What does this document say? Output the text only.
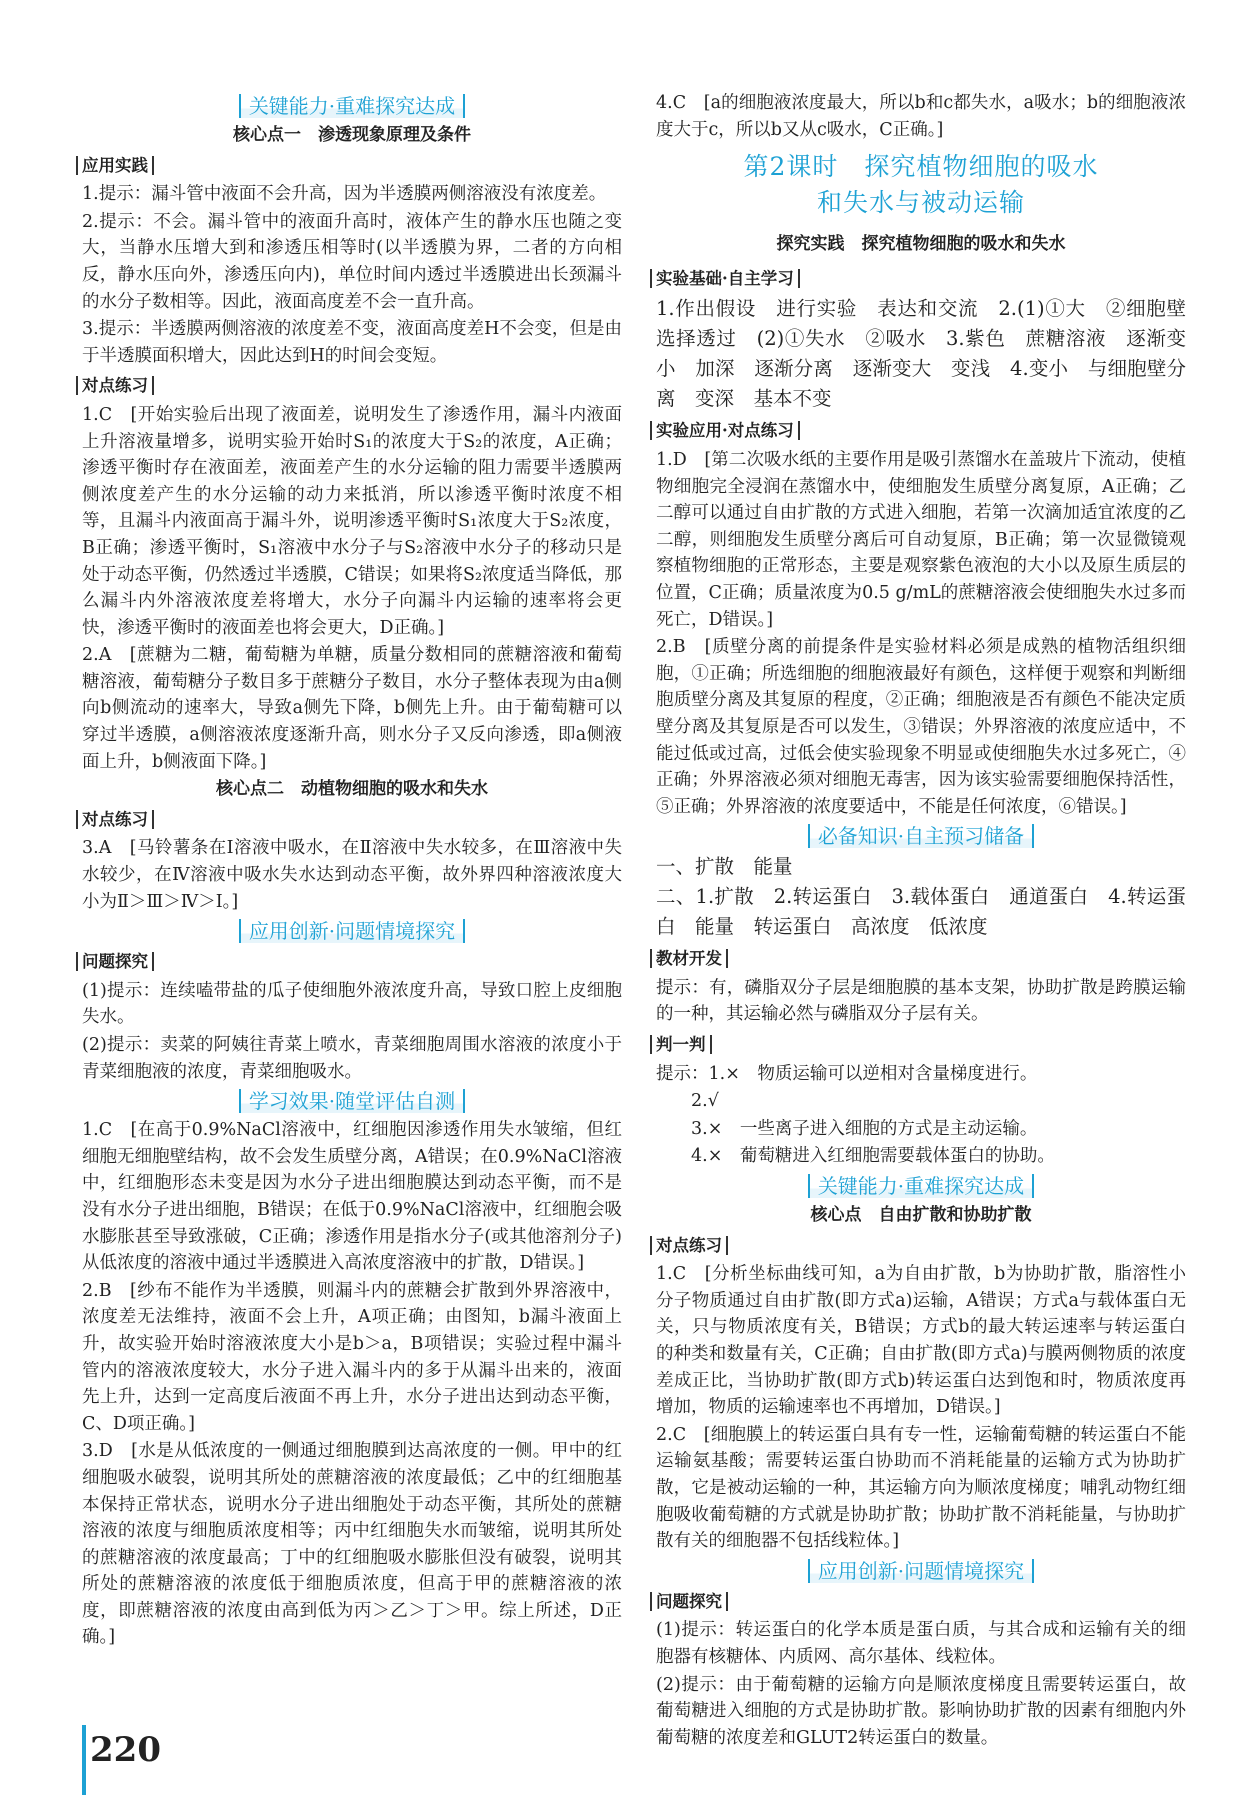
关键能力·重难探究达成
核心点一　渗透现象原理及条件
应用实践

1.提示：漏斗管中液面不会升高，因为半透膜两侧溶液没有浓度差。

2.提示：不会。漏斗管中的液面升高时，液体产生的静水压也随之变大，当静水压增大到和渗透压相等时(以半透膜为界，二者的方向相反，静水压向外，渗透压向内)，单位时间内透过半透膜进出长颈漏斗的水分子数相等。因此，液面高度差不会一直升高。

3.提示：半透膜两侧溶液的浓度差不变，液面高度差H不会变，但是由于半透膜面积增大，因此达到H的时间会变短。

对点练习

1.C　[开始实验后出现了液面差，说明发生了渗透作用，漏斗内液面上升溶液量增多，说明实验开始时S₁的浓度大于S₂的浓度，A正确；渗透平衡时存在液面差，液面差产生的水分运输的阻力需要半透膜两侧浓度差产生的水分运输的动力来抵消，所以渗透平衡时浓度不相等，且漏斗内液面高于漏斗外，说明渗透平衡时S₁浓度大于S₂浓度，B正确；渗透平衡时，S₁溶液中水分子与S₂溶液中水分子的移动只是处于动态平衡，仍然透过半透膜，C错误；如果将S₂浓度适当降低，那么漏斗内外溶液浓度差将增大，水分子向漏斗内运输的速率将会更快，渗透平衡时的液面差也将会更大，D正确。]

2.A　[蔗糖为二糖，葡萄糖为单糖，质量分数相同的蔗糖溶液和葡萄糖溶液，葡萄糖分子数目多于蔗糖分子数目，水分子整体表现为由a侧向b侧流动的速率大，导致a侧先下降，b侧先上升。由于葡萄糖可以穿过半透膜，a侧溶液浓度逐渐升高，则水分子又反向渗透，即a侧液面上升，b侧液面下降。]

核心点二　动植物细胞的吸水和失水
对点练习

3.A　[马铃薯条在Ⅰ溶液中吸水，在Ⅱ溶液中失水较多，在Ⅲ溶液中失水较少，在Ⅳ溶液中吸水失水达到动态平衡，故外界四种溶液浓度大小为Ⅱ＞Ⅲ＞Ⅳ＞Ⅰ。]

应用创新·问题情境探究
问题探究

(1)提示：连续嗑带盐的瓜子使细胞外液浓度升高，导致口腔上皮细胞失水。

(2)提示：卖菜的阿姨往青菜上喷水，青菜细胞周围水溶液的浓度小于青菜细胞液的浓度，青菜细胞吸水。

学习效果·随堂评估自测

1.C　[在高于0.9%NaCl溶液中，红细胞因渗透作用失水皱缩，但红细胞无细胞壁结构，故不会发生质壁分离，A错误；在0.9%NaCl溶液中，红细胞形态未变是因为水分子进出细胞膜达到动态平衡，而不是没有水分子进出细胞，B错误；在低于0.9%NaCl溶液中，红细胞会吸水膨胀甚至导致涨破，C正确；渗透作用是指水分子(或其他溶剂分子)从低浓度的溶液中通过半透膜进入高浓度溶液中的扩散，D错误。]

2.B　[纱布不能作为半透膜，则漏斗内的蔗糖会扩散到外界溶液中，浓度差无法维持，液面不会上升，A项正确；由图知，b漏斗液面上升，故实验开始时溶液浓度大小是b＞a，B项错误；实验过程中漏斗管内的溶液浓度较大，水分子进入漏斗内的多于从漏斗出来的，液面先上升，达到一定高度后液面不再上升，水分子进出达到动态平衡，C、D项正确。]

3.D　[水是从低浓度的一侧通过细胞膜到达高浓度的一侧。甲中的红细胞吸水破裂，说明其所处的蔗糖溶液的浓度最低；乙中的红细胞基本保持正常状态，说明水分子进出细胞处于动态平衡，其所处的蔗糖溶液的浓度与细胞质浓度相等；丙中红细胞失水而皱缩，说明其所处的蔗糖溶液的浓度最高；丁中的红细胞吸水膨胀但没有破裂，说明其所处的蔗糖溶液的浓度低于细胞质浓度，但高于甲的蔗糖溶液的浓度，即蔗糖溶液的浓度由高到低为丙＞乙＞丁＞甲。综上所述，D正确。]

4.C　[a的细胞液浓度最大，所以b和c都失水，a吸水；b的细胞液浓度大于c，所以b又从c吸水，C正确。]

第2课时　探究植物细胞的吸水
和失水与被动运输
探究实践　探究植物细胞的吸水和失水
实验基础·自主学习

1.作出假设　进行实验　表达和交流　2.(1)①大　②细胞壁　选择透过　(2)①失水　②吸水　3.紫色　蔗糖溶液　逐渐变小　加深　逐渐分离　逐渐变大　变浅　4.变小　与细胞壁分离　变深　基本不变

实验应用·对点练习

1.D　[第二次吸水纸的主要作用是吸引蒸馏水在盖玻片下流动，使植物细胞完全浸润在蒸馏水中，使细胞发生质壁分离复原，A正确；乙二醇可以通过自由扩散的方式进入细胞，若第一次滴加适宜浓度的乙二醇，则细胞发生质壁分离后可自动复原，B正确；第一次显微镜观察植物细胞的正常形态，主要是观察紫色液泡的大小以及原生质层的位置，C正确；质量浓度为0.5 g/mL的蔗糖溶液会使细胞失水过多而死亡，D错误。]

2.B　[质壁分离的前提条件是实验材料必须是成熟的植物活组织细胞，①正确；所选细胞的细胞液最好有颜色，这样便于观察和判断细胞质壁分离及其复原的程度，②正确；细胞液是否有颜色不能决定质壁分离及其复原是否可以发生，③错误；外界溶液的浓度应适中，不能过低或过高，过低会使实验现象不明显或使细胞失水过多死亡，④正确；外界溶液必须对细胞无毒害，因为该实验需要细胞保持活性，⑤正确；外界溶液的浓度要适中，不能是任何浓度，⑥错误。]

必备知识·自主预习储备

一、扩散　能量
二、1.扩散　2.转运蛋白　3.载体蛋白　通道蛋白　4.转运蛋白　能量　转运蛋白　高浓度　低浓度

教材开发

提示：有，磷脂双分子层是细胞膜的基本支架，协助扩散是跨膜运输的一种，其运输必然与磷脂双分子层有关。

判一判

提示：1.×　物质运输可以逆相对含量梯度进行。

2.√

3.×　一些离子进入细胞的方式是主动运输。

4.×　葡萄糖进入红细胞需要载体蛋白的协助。

关键能力·重难探究达成
核心点　自由扩散和协助扩散
对点练习

1.C　[分析坐标曲线可知，a为自由扩散，b为协助扩散，脂溶性小分子物质通过自由扩散(即方式a)运输，A错误；方式a与载体蛋白无关，只与物质浓度有关，B错误；方式b的最大转运速率与转运蛋白的种类和数量有关，C正确；自由扩散(即方式a)与膜两侧物质的浓度差成正比，当协助扩散(即方式b)转运蛋白达到饱和时，物质浓度再增加，物质的运输速率也不再增加，D错误。]

2.C　[细胞膜上的转运蛋白具有专一性，运输葡萄糖的转运蛋白不能运输氨基酸；需要转运蛋白协助而不消耗能量的运输方式为协助扩散，它是被动运输的一种，其运输方向为顺浓度梯度；哺乳动物红细胞吸收葡萄糖的方式就是协助扩散；协助扩散不消耗能量，与协助扩散有关的细胞器不包括线粒体。]

应用创新·问题情境探究
问题探究

(1)提示：转运蛋白的化学本质是蛋白质，与其合成和运输有关的细胞器有核糖体、内质网、高尔基体、线粒体。

(2)提示：由于葡萄糖的运输方向是顺浓度梯度且需要转运蛋白，故葡萄糖进入细胞的方式是协助扩散。影响协助扩散的因素有细胞内外葡萄糖的浓度差和GLUT2转运蛋白的数量。

220
